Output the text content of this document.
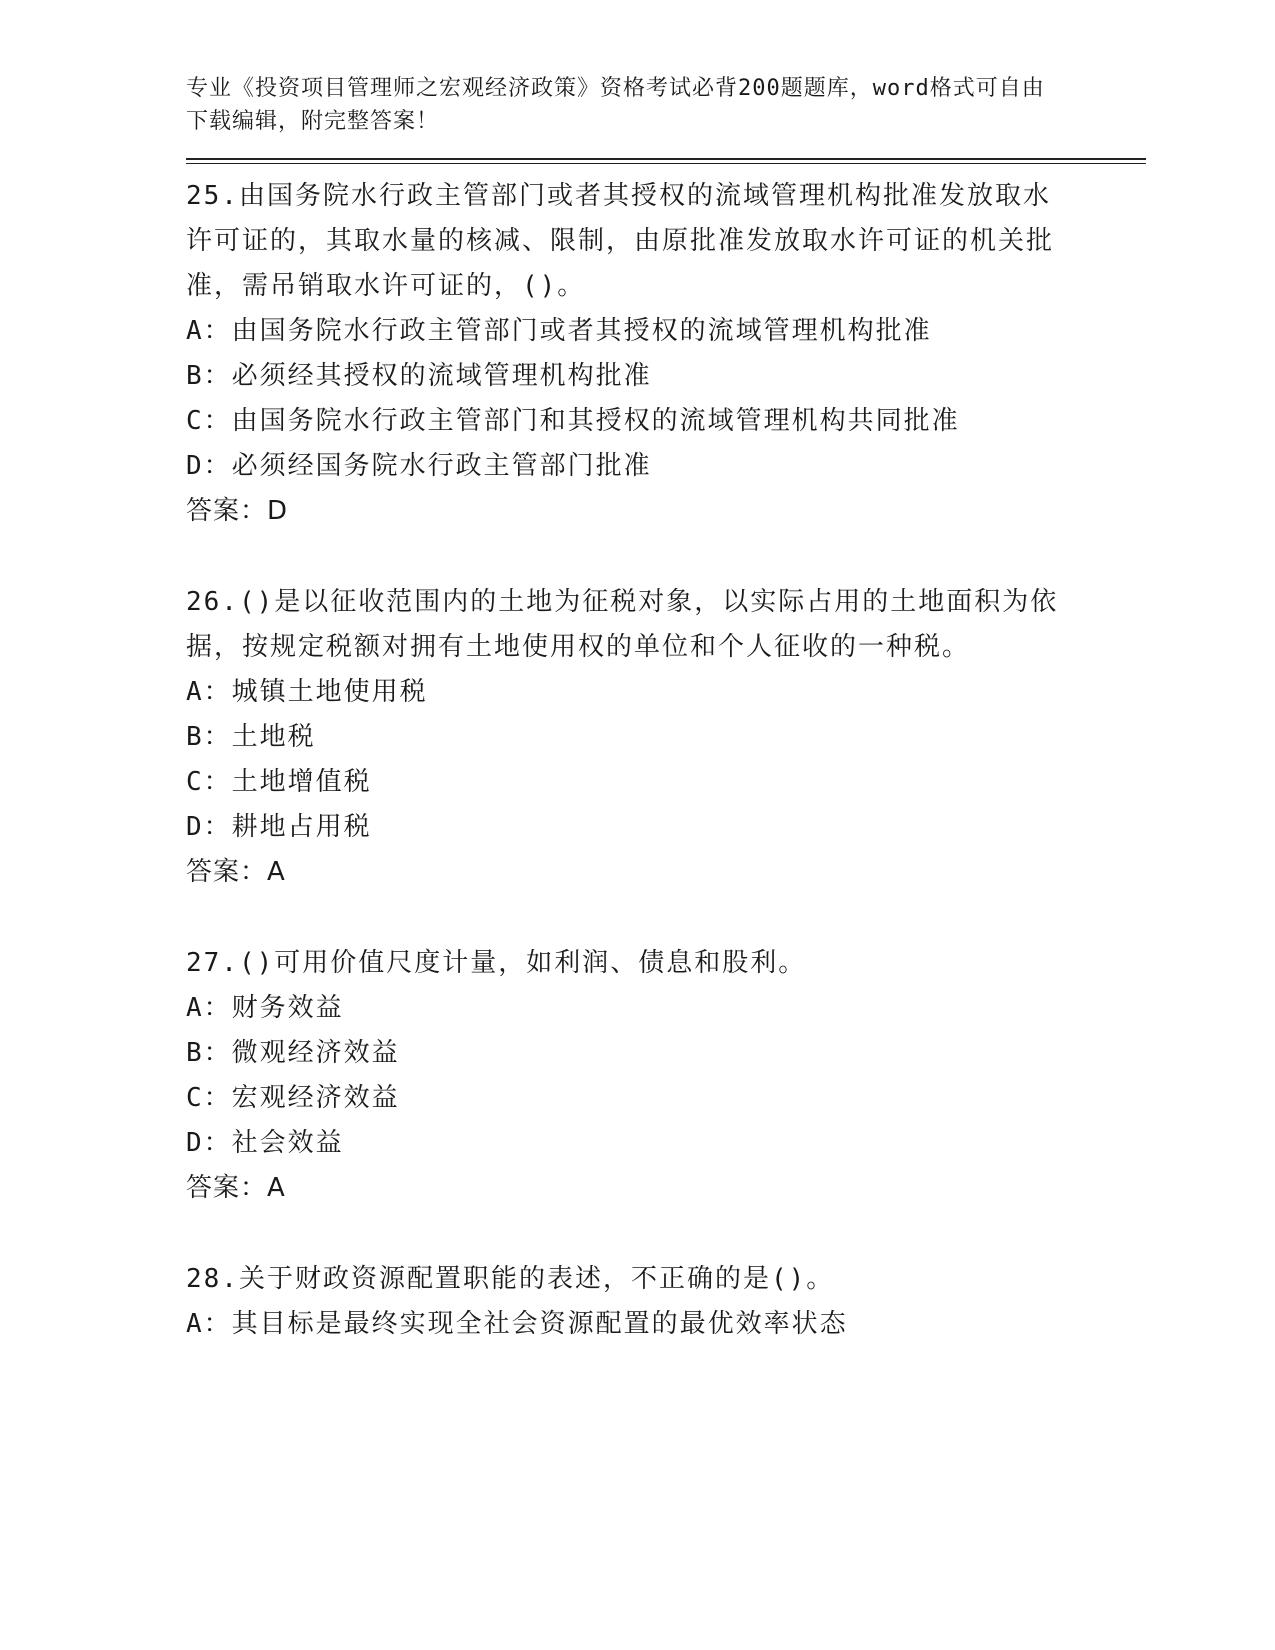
专业《投资项目管理师之宏观经济政策》资格考试必背200题题库，word格式可自由下载编辑，附完整答案！

25.由国务院水行政主管部门或者其授权的流域管理机构批准发放取水许可证的，其取水量的核减、限制，由原批准发放取水许可证的机关批准，需吊销取水许可证的，()。

A：由国务院水行政主管部门或者其授权的流域管理机构批准

B：必须经其授权的流域管理机构批准

C：由国务院水行政主管部门和其授权的流域管理机构共同批准

D：必须经国务院水行政主管部门批准

答案：D

26.()是以征收范围内的土地为征税对象，以实际占用的土地面积为依据，按规定税额对拥有土地使用权的单位和个人征收的一种税。

A：城镇土地使用税

B：土地税

C：土地增值税

D：耕地占用税

答案：A

27.()可用价值尺度计量，如利润、债息和股利。

A：财务效益

B：微观经济效益

C：宏观经济效益

D：社会效益

答案：A

28.关于财政资源配置职能的表述，不正确的是()。

A：其目标是最终实现全社会资源配置的最优效率状态
